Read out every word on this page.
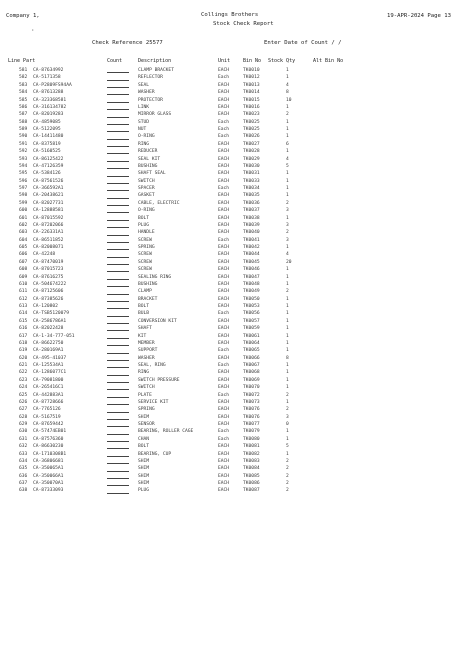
Company 1,	Collings Brothers
Stock Check Report
19-APR-2024 Page 13
·
Check Reference 25577	Enter Date of Count / /
Line Part	Count	Description	Unit	Bin No Stock Qty	Alt Bin No
581 CA-87634992	CLAMP BRACKET	EACH	TK0010	1
582 CA-5171358	REFLECTOR	Each	TK0012	1
583 CA-P2809FS94AA	SEAL	EACH	TK0013	4
584 CA-87613288	WASHER	EACH	TK0014	8
585 CA-323368581	PROTECTOR	EACH	TK0015	10
586 CA-316134782	LINK	EACH	TK0016	1
587 CA-82019283	MIRROR GLASS	EACH	TK0023	2
588 CA-4859085	STUD	Each	TK0025	1
589 CA-5122095	NUT	Each	TK0025	1
590 CA-14411480	O-RING	Each	TK0026	1
591 CA-8375819	RING	EACH	TK0027	6
592 CA-5160525	REDUCER	EACH	TK0028	1
593 CA-86125422	SEAL KIT	EACH	TK0029	4
594 CA-47126359	BUSHING	EACH	TK0030	5
595 CA-5384126	SHAFT SEAL	EACH	TK0031	1
596 CA-87561526	SWITCH	EACH	TK0033	1
597 CA-366592A1	SPACER	Each	TK0034	1
598 CA-20438621	GASKET	EACH	TK0035	1
599 CA-82027731	CABLE, ELECTRIC	EACH	TK0036	2
600 CA-12888581	O-RING	EACH	TK0037	3
601 CA-87015592	BOLT	EACH	TK0038	1
602 CA-87202066	PLUG	EACH	TK0039	3
603 CA-226331A1	HANDLE	EACH	TK0040	2
604 CA-86511852	SCREW	Each	TK0041	3
605 CA-82008071	SPRING	EACH	TK0042	1
606 CA-42248	SCREW	EACH	TK0044	4
607 CA-87470019	SCREW	EACH	TK0045	20
608 CA-87015723	SCREW	EACH	TK0046	1
609 CA-87616275	SEALING RING	EACH	TK0047	1
610 CA-504674222	BUSHING	EACH	TK0048	1
611 CA-87125606	CLAMP	EACH	TK0049	2
612 CA-87385626	BRACKET	EACH	TK0050	1
613 CA-120802	BOLT	EACH	TK0053	1
614 CA-TSB5120079	BULB	Each	TK0056	1
615 CA-2586786A1	CONVERSION KIT	EACH	TK0057	1
616 CA-82022428	SHAFT	EACH	TK0059	1
617 CA-1-34-777-051	KIT	EACH	TK0061	1
618 CA-86622750	MEMBER	EACH	TK0064	1
619 CA-280169A1	SUPPORT	Each	TK0065	1
620 CA-495-41037	WASHER	EACH	TK0066	8
621 CA-125534A1	SEAL, RING	Each	TK0067	1
622 CA-1286077C1	RING	EACH	TK0068	1
623 CA-79081800	SWITCH PRESSURE	EACH	TK0069	1
624 CA-265416C1	SWITCH	EACH	TK0070	1
625 CA-442883A1	PLATE	Each	TK0072	2
626 CA-87728666	SERVICE KIT	EACH	TK0073	1
627 CA-7765126	SPRING	EACH	TK0076	2
628 CA-5167519	SHIM	EACH	TK0076	3
629 CA-87659442	SENSOR	EACH	TK0077	0
630 CA-57474EB01	BEARING, ROLLER CAGE	Each	TK0079	1
631 CA-87576360	CHAN	Each	TK0080	1
632 CA-86630230	BOLT	EACH	TK0081	5
633 CA-1710308B1	BEARING, CUP	EACH	TK0082	1
634 CA-36806681	SHIM	EACH	TK0083	2
635 CA-350065A1	SHIM	EACH	TK0084	2
636 CA-350066A1	SHIM	EACH	TK0085	2
637 CA-350070A1	SHIM	EACH	TK0086	2
638 CA-87333093	PLUG	EACH	TK0087	2
